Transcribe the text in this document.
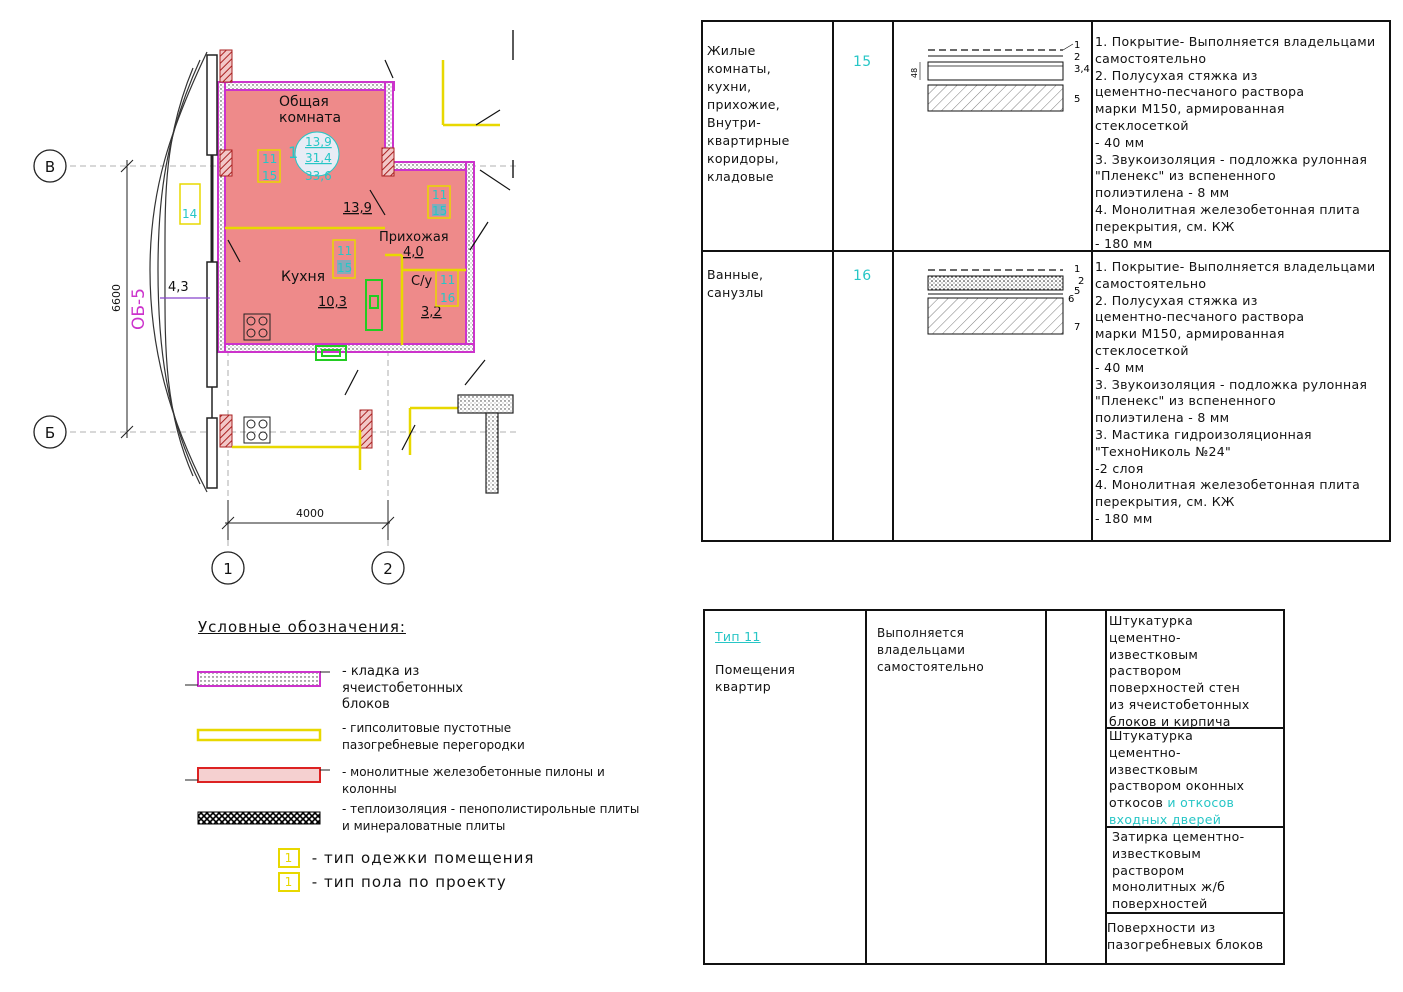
4,3
4000
6600 ОБ-5
В
Б
1	2
Общая
комната
13,9
Прихожая
4,0
Кухня
10,3
С/у
3,2
1
13,9
31,4
33,6
11
15
11
15
11
15
11
16
14
Условные обозначения:
- кладка из
ячеистобетонных
блоков
- гипсолитовые пустотные
пазогребневые перегородки
- монолитные железобетонные пилоны и
колонны
- теплоизоляция - пенополистирольные плиты
и минераловатные плиты
1 - тип одежки помещения
1 - тип пола по проекту
Жилые
комнаты,
кухни,
прихожие,
Внутри-
квартирные
коридоры,
кладовые
15
1. Покрытие- Выполняется владельцами
самостоятельно
2. Полусухая стяжка из
цементно-песчаного раствора
марки М150, армированная
стеклосеткой
- 40 мм
3. Звукоизоляция - подложка рулонная
"Пленекс" из вспененного
полиэтилена - 8 мм
4. Монолитная железобетонная плита
перекрытия, см. КЖ
- 180 мм
Ванные,
санузлы
16
1. Покрытие- Выполняется владельцами
самостоятельно
2. Полусухая стяжка из
цементно-песчаного раствора
марки М150, армированная
стеклосеткой
- 40 мм
3. Звукоизоляция - подложка рулонная
"Пленекс" из вспененного
полиэтилена - 8 мм
3. Мастика гидроизоляционная
"ТехноНиколь №24"
-2 слоя
4. Монолитная железобетонная плита
перекрытия, см. КЖ
- 180 мм
1
2
3,4
5
48
1
2
5
6
7
Тип 11
Помещения
квартир
Выполняется
владельцами
самостоятельно
Штукатурка
цементно-
известковым
раствором
поверхностей стен
из ячеистобетонных
блоков и кирпича
Штукатурка
цементно-
известковым
раствором оконных
откосов и откосов
входных дверей
Затирка цементно-
известковым
раствором
монолитных ж/б
поверхностей
Поверхности из
пазогребневых блоков
